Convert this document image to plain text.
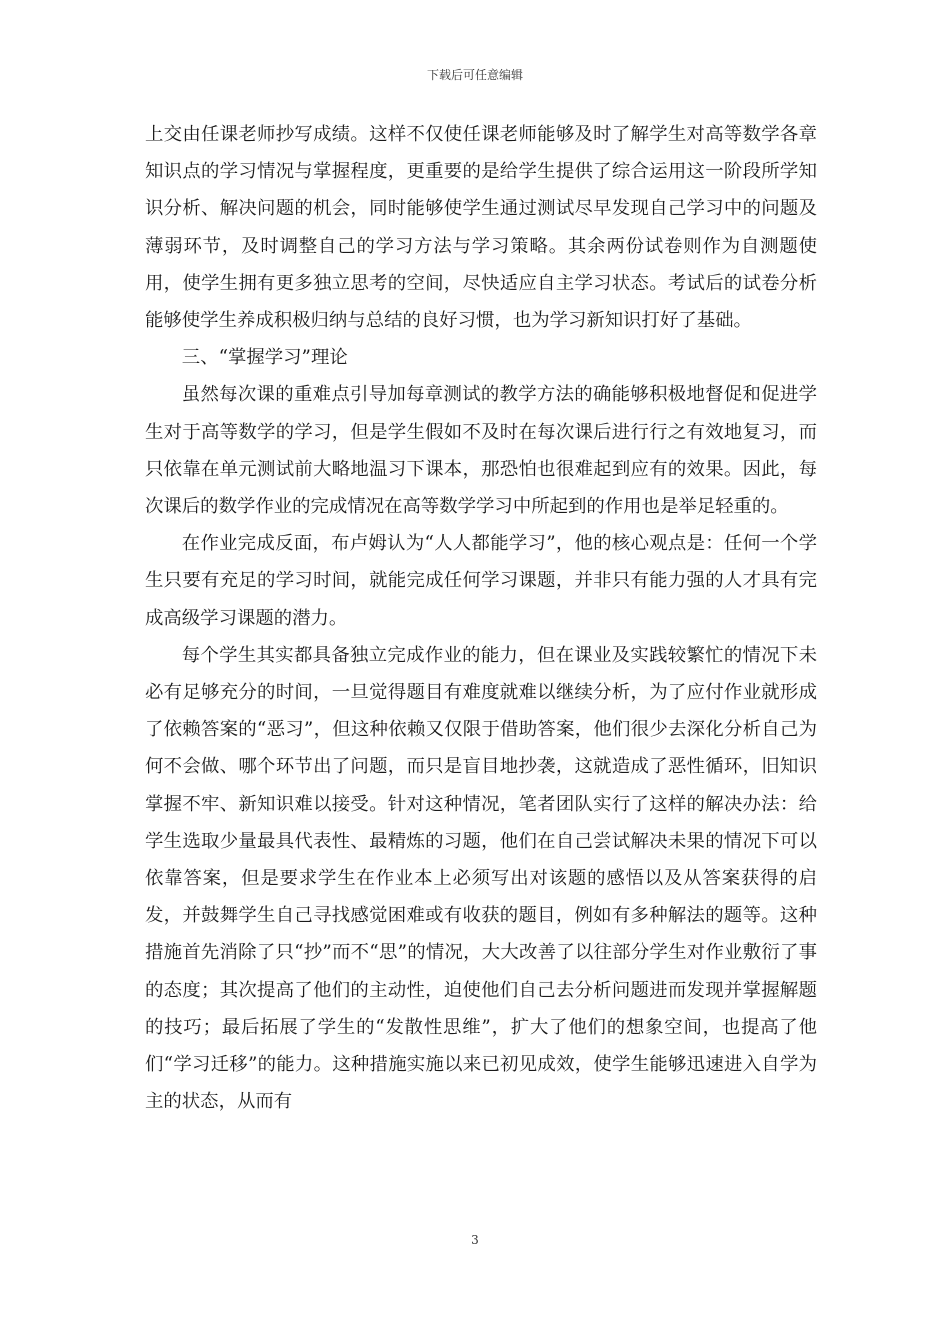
下载后可任意编辑

上交由任课老师抄写成绩。这样不仅使任课老师能够及时了解学生对高等数学各章知识点的学习情况与掌握程度，更重要的是给学生提供了综合运用这一阶段所学知识分析、解决问题的机会，同时能够使学生通过测试尽早发现自己学习中的问题及薄弱环节，及时调整自己的学习方法与学习策略。其余两份试卷则作为自测题使用，使学生拥有更多独立思考的空间，尽快适应自主学习状态。考试后的试卷分析能够使学生养成积极归纳与总结的良好习惯，也为学习新知识打好了基础。

三、“掌握学习”理论

虽然每次课的重难点引导加每章测试的教学方法的确能够积极地督促和促进学生对于高等数学的学习，但是学生假如不及时在每次课后进行行之有效地复习，而只依靠在单元测试前大略地温习下课本，那恐怕也很难起到应有的效果。因此，每次课后的数学作业的完成情况在高等数学学习中所起到的作用也是举足轻重的。

在作业完成反面，布卢姆认为“人人都能学习”，他的核心观点是：任何一个学生只要有充足的学习时间，就能完成任何学习课题，并非只有能力强的人才具有完成高级学习课题的潜力。

每个学生其实都具备独立完成作业的能力，但在课业及实践较繁忙的情况下未必有足够充分的时间，一旦觉得题目有难度就难以继续分析，为了应付作业就形成了依赖答案的“恶习”，但这种依赖又仅限于借助答案，他们很少去深化分析自己为何不会做、哪个环节出了问题，而只是盲目地抄袭，这就造成了恶性循环，旧知识掌握不牢、新知识难以接受。针对这种情况，笔者团队实行了这样的解决办法：给学生选取少量最具代表性、最精炼的习题，他们在自己尝试解决未果的情况下可以依靠答案，但是要求学生在作业本上必须写出对该题的感悟以及从答案获得的启发，并鼓舞学生自己寻找感觉困难或有收获的题目，例如有多种解法的题等。这种措施首先消除了只“抄”而不“思”的情况，大大改善了以往部分学生对作业敷衍了事的态度；其次提高了他们的主动性，迫使他们自己去分析问题进而发现并掌握解题的技巧；最后拓展了学生的“发散性思维”，扩大了他们的想象空间，也提高了他们“学习迁移”的能力。这种措施实施以来已初见成效，使学生能够迅速进入自学为主的状态，从而有

3
